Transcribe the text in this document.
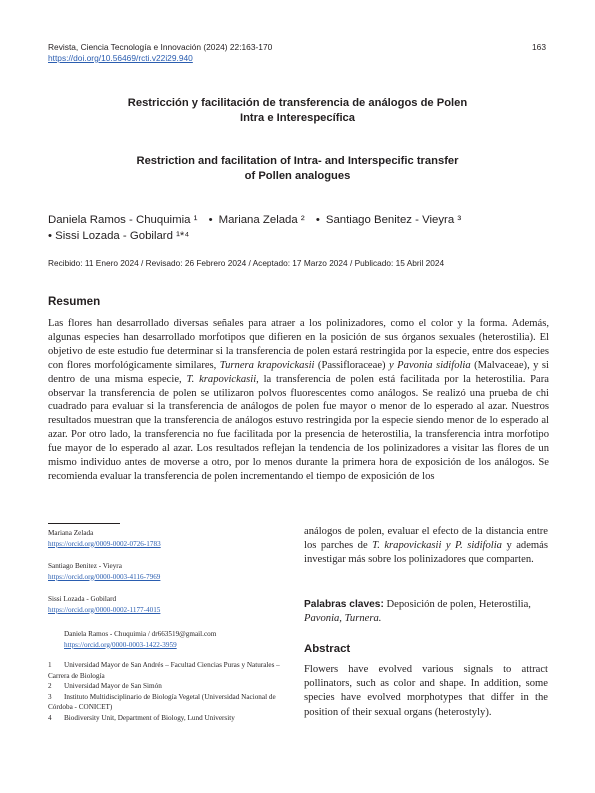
Revista, Ciencia Tecnología e Innovación (2024) 22:163-170
https://doi.org/10.56469/rcti.v22i29.940
163
Restricción y facilitación de transferencia de análogos de Polen
Intra e Interespecífica
Restriction and facilitation of Intra- and Interspecific transfer
of Pollen analogues
Daniela Ramos - Chuquimia ¹ • Mariana Zelada ² • Santiago Benitez - Vieyra ³
• Sissi Lozada - Gobilard ¹*⁴
Recibido: 11 Enero 2024 / Revisado: 26 Febrero 2024 / Aceptado: 17 Marzo 2024 / Publicado: 15 Abril 2024
Resumen
Las flores han desarrollado diversas señales para atraer a los polinizadores, como el color y la forma. Además, algunas especies han desarrollado morfotipos que difieren en la posición de sus órganos sexuales (heterostilia). El objetivo de este estudio fue determinar si la transferencia de polen estará restringida por la especie, entre dos especies con flores morfológicamente similares, Turnera krapovickasii (Passifloraceae) y Pavonia sidifolia (Malvaceae), y si dentro de una misma especie, T. krapovickasii, la transferencia de polen está facilitada por la heterostilia. Para observar la transferencia de polen se utilizaron polvos fluorescentes como análogos. Se realizó una prueba de chi cuadrado para evaluar si la transferencia de análogos de polen fue mayor o menor de lo esperado al azar. Nuestros resultados muestran que la transferencia de análogos estuvo restringida por la especie siendo menor de lo esperado al azar. Por otro lado, la transferencia no fue facilitada por la presencia de heterostilia, la transferencia intra morfotipo fue mayor de lo esperado al azar. Los resultados reflejan la tendencia de los polinizadores a visitar las flores de un mismo individuo antes de moverse a otro, por lo menos durante la primera hora de exposición de los análogos. Se recomienda evaluar la transferencia de polen incrementando el tiempo de exposición de los
Mariana Zelada
https://orcid.org/0009-0002-0726-1783
Santiago Benitez - Vieyra
https://orcid.org/0000-0003-4116-7969
Sissi Lozada - Gobilard
https://orcid.org/0000-0002-1177-4015
Daniela Ramos - Chuquimia / dr663519@gmail.com
https://orcid.org/0000-0003-1422-3959
1 Universidad Mayor de San Andrés – Facultad Ciencias Puras y Naturales – Carrera de Biología
2 Universidad Mayor de San Simón
3 Instituto Multidisciplinario de Biología Vegetal (Universidad Nacional de Córdoba - CONICET)
4 Biodiversity Unit, Department of Biology, Lund University
análogos de polen, evaluar el efecto de la distancia entre los parches de T. krapovickasii y P. sidifolia y además investigar más sobre los polinizadores que comparten.
Palabras claves: Deposición de polen, Heterostilia, Pavonia, Turnera.
Abstract
Flowers have evolved various signals to attract pollinators, such as color and shape. In addition, some species have evolved morphotypes that differ in the position of their sexual organs (heterostyly).
